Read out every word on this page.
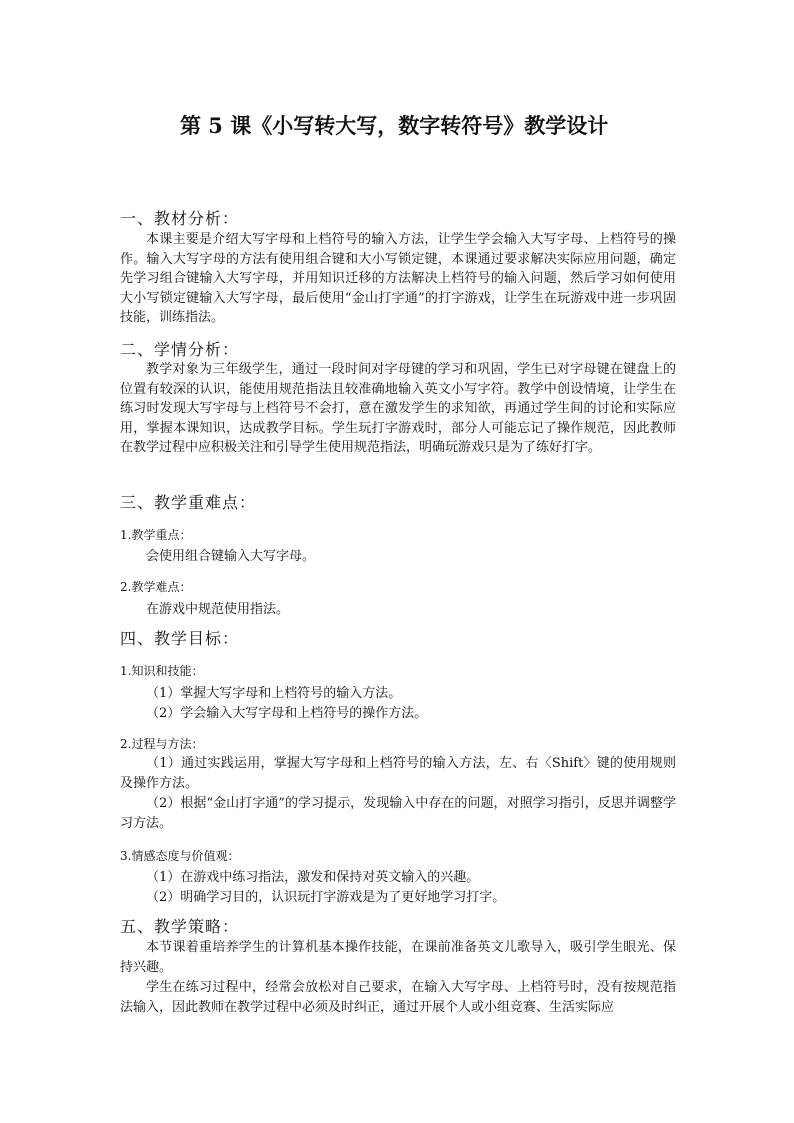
第 5 课《小写转大写，数字转符号》教学设计
一、教材分析：

本课主要是介绍大写字母和上档符号的输入方法，让学生学会输入大写字母、上档符号的操作。输入大写字母的方法有使用组合键和大小写锁定键，本课通过要求解决实际应用问题，确定先学习组合键输入大写字母，并用知识迁移的方法解决上档符号的输入问题，然后学习如何使用大小写锁定键输入大写字母，最后使用“金山打字通”的打字游戏，让学生在玩游戏中进一步巩固技能，训练指法。

二、学情分析：

教学对象为三年级学生，通过一段时间对字母键的学习和巩固，学生已对字母键在键盘上的位置有较深的认识，能使用规范指法且较准确地输入英文小写字符。教学中创设情境，让学生在练习时发现大写字母与上档符号不会打，意在激发学生的求知欲，再通过学生间的讨论和实际应用，掌握本课知识，达成教学目标。学生玩打字游戏时，部分人可能忘记了操作规范，因此教师在教学过程中应积极关注和引导学生使用规范指法，明确玩游戏只是为了练好打字。

三、教学重难点：
1.教学重点：
会使用组合键输入大写字母。
2.教学难点：
在游戏中规范使用指法。
四、教学目标：
1.知识和技能：
（1）掌握大写字母和上档符号的输入方法。
（2）学会输入大写字母和上档符号的操作方法。
2.过程与方法：

（1）通过实践运用，掌握大写字母和上档符号的输入方法，左、右〈Shift〉键的使用规则及操作方法。

（2）根据“金山打字通”的学习提示，发现输入中存在的问题，对照学习指引，反思并调整学习方法。

3.情感态度与价值观：
（1）在游戏中练习指法，激发和保持对英文输入的兴趣。
（2）明确学习目的，认识玩打字游戏是为了更好地学习打字。
五、教学策略：

本节课着重培养学生的计算机基本操作技能，在课前准备英文儿歌导入，吸引学生眼光、保持兴趣。

学生在练习过程中，经常会放松对自己要求，在输入大写字母、上档符号时，没有按规范指法输入，因此教师在教学过程中必须及时纠正，通过开展个人或小组竞赛、生活实际应
